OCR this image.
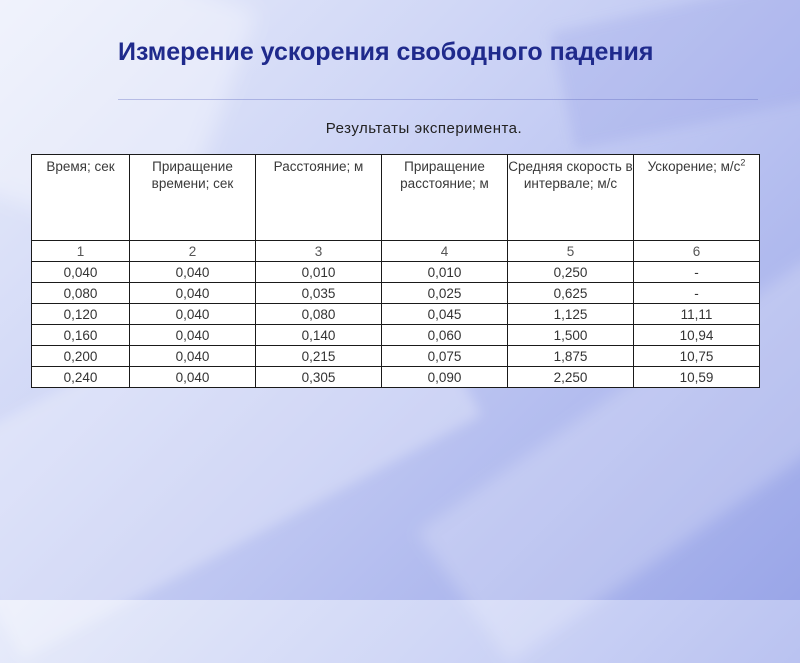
Измерение ускорения свободного падения
Результаты эксперимента.
Время; сек	Приращение времени; сек	Расстояние; м	Приращение расстояние; м	Средняя скорость в интервале; м/с	Ускорение; $м/с^2$
1	2	3	4	5	6
0,040	0,040	0,010	0,010	0,250	-
0,080	0,040	0,035	0,025	0,625	-
0,120	0,040	0,080	0,045	1,125	11,11
0,160	0,040	0,140	0,060	1,500	10,94
0,200	0,040	0,215	0,075	1,875	10,75
0,240	0,040	0,305	0,090	2,250	10,59
